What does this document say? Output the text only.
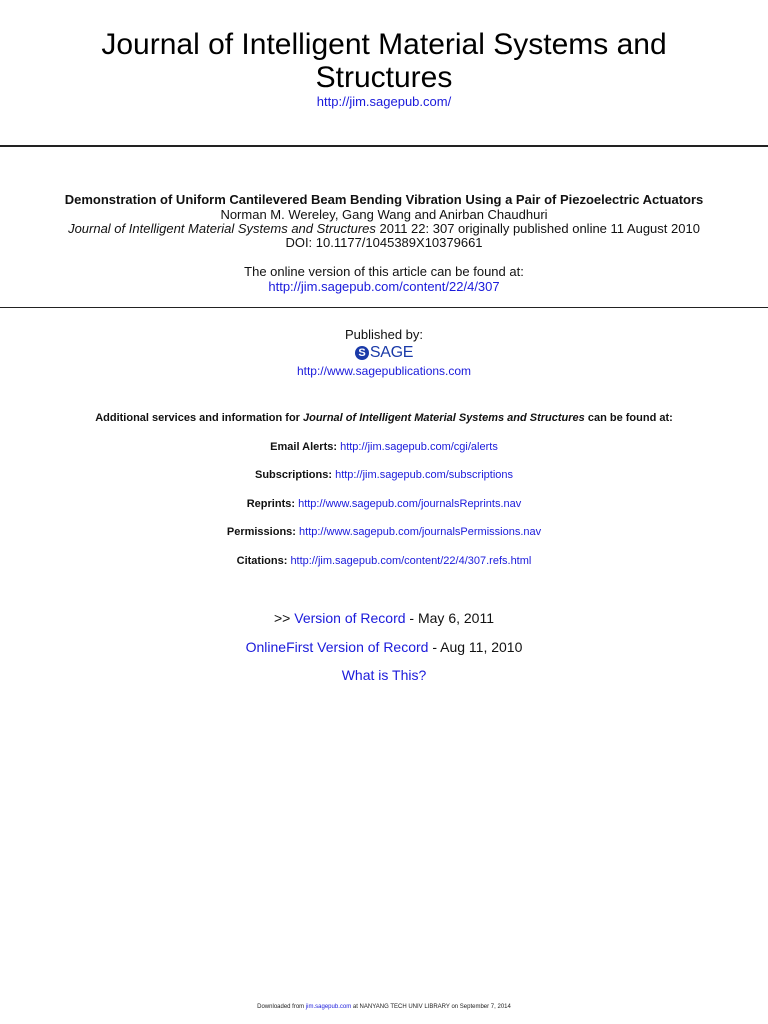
Journal of Intelligent Material Systems and
Structures
http://jim.sagepub.com/
Demonstration of Uniform Cantilevered Beam Bending Vibration Using a Pair of Piezoelectric Actuators
Norman M. Wereley, Gang Wang and Anirban Chaudhuri
Journal of Intelligent Material Systems and Structures 2011 22: 307 originally published online 11 August 2010
DOI: 10.1177/1045389X10379661
The online version of this article can be found at:
http://jim.sagepub.com/content/22/4/307
Published by:
S SAGE
http://www.sagepublications.com
Additional services and information for Journal of Intelligent Material Systems and Structures can be found at:
Email Alerts: http://jim.sagepub.com/cgi/alerts
Subscriptions: http://jim.sagepub.com/subscriptions
Reprints: http://www.sagepub.com/journalsReprints.nav
Permissions: http://www.sagepub.com/journalsPermissions.nav
Citations: http://jim.sagepub.com/content/22/4/307.refs.html
>> Version of Record - May 6, 2011
OnlineFirst Version of Record - Aug 11, 2010
What is This?
Downloaded from jim.sagepub.com at NANYANG TECH UNIV LIBRARY on September 7, 2014
